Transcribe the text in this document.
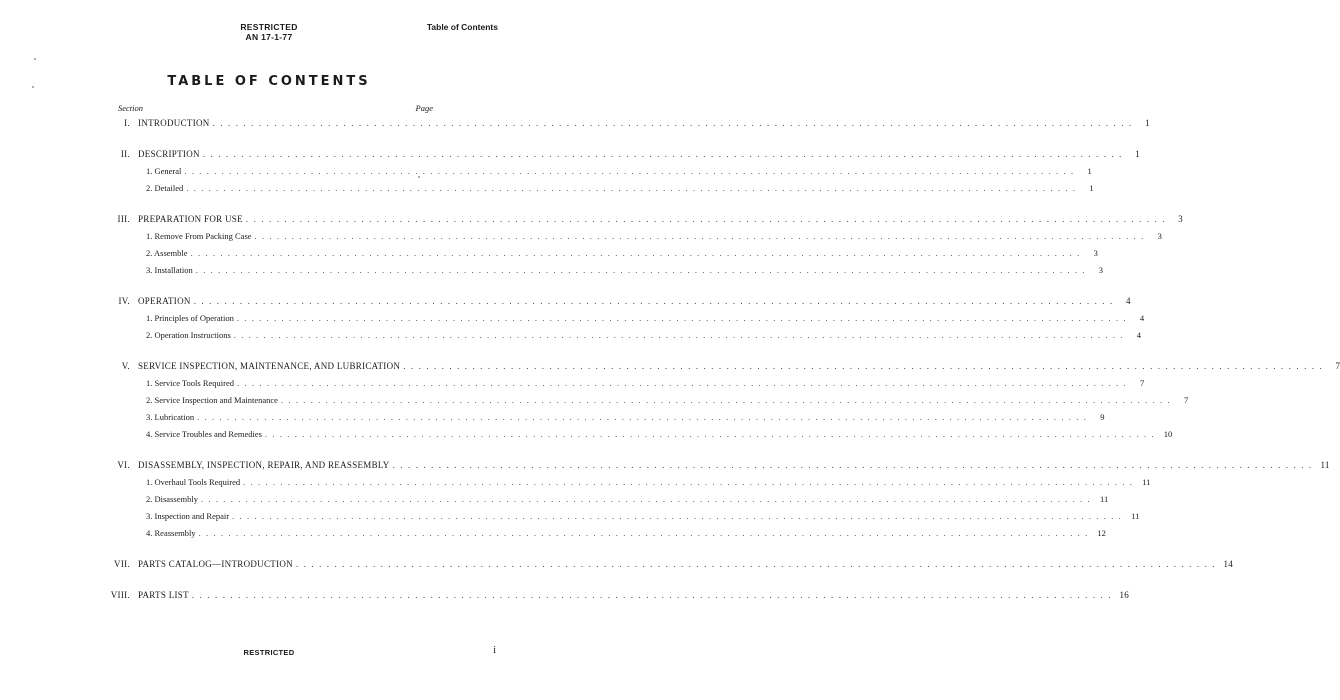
RESTRICTED
AN 17-1-77
Table of Contents
TABLE OF CONTENTS
Section	Page
I. INTRODUCTION . . . . . . . . . . . . . . . . . . . . . . . . . . . . . . . . . . . . . . . . . . . . . . . . . . . . . . . . . . . . . . . . . . . . . . . . . . . . . . . . . . . . . . . . . . . . . . . . . . . . . . . . . . . . . . . . . . . . . . . .	1
II. DESCRIPTION . . . . . . . . . . . . . . . . . . . . . . . . . . . . . . . . . . . . . . . . . . . . . . . . . . . . . . . . . . . . . . . . . . . . . . . . . . . . . . . . . . . . . . . . . . . . . . . . . . . . . . . . . . . . . . . . . . . . . . . .	1
1. General . . . . . . . . . . . . . . . . . . . . . . . . . . . . . . . . . . . . . . . . . . . . . . . . . . . . . . . . . . . . . . . . . . . . . . . . . . . . . . . . . . . . . . . . . . . . . . . . . . . . . . . . . . . . . . . . . . . . . . . .	1
2. Detailed . . . . . . . . . . . . . . . . . . . . . . . . . . . . . . . . . . . . . . . . . . . . . . . . . . . . . . . . . . . . . . . . . . . . . . . . . . . . . . . . . . . . . . . . . . . . . . . . . . . . . . . . . . . . . . . . . . . . . . . .	1
III. PREPARATION FOR USE . . . . . . . . . . . . . . . . . . . . . . . . . . . . . . . . . . . . . . . . . . . . . . . . . . . . . . . . . . . . . . . . . . . . . . . . . . . . . . . . . . . . . . . . . . . . . . . . . . . . . . . . . . . . . . . . . . . . . . . .	3
1. Remove From Packing Case . . . . . . . . . . . . . . . . . . . . . . . . . . . . . . . . . . . . . . . . . . . . . . . . . . . . . . . . . . . . . . . . . . . . . . . . . . . . . . . . . . . . . . . . . . . . . . . . . . . . . . . . . . . . . . . . . . . . . . . .	3
2. Assemble . . . . . . . . . . . . . . . . . . . . . . . . . . . . . . . . . . . . . . . . . . . . . . . . . . . . . . . . . . . . . . . . . . . . . . . . . . . . . . . . . . . . . . . . . . . . . . . . . . . . . . . . . . . . . . . . . . . . . . . .	3
3. Installation . . . . . . . . . . . . . . . . . . . . . . . . . . . . . . . . . . . . . . . . . . . . . . . . . . . . . . . . . . . . . . . . . . . . . . . . . . . . . . . . . . . . . . . . . . . . . . . . . . . . . . . . . . . . . . . . . . . . . . . .	3
IV. OPERATION . . . . . . . . . . . . . . . . . . . . . . . . . . . . . . . . . . . . . . . . . . . . . . . . . . . . . . . . . . . . . . . . . . . . . . . . . . . . . . . . . . . . . . . . . . . . . . . . . . . . . . . . . . . . . . . . . . . . . . . .	4
1. Principles of Operation . . . . . . . . . . . . . . . . . . . . . . . . . . . . . . . . . . . . . . . . . . . . . . . . . . . . . . . . . . . . . . . . . . . . . . . . . . . . . . . . . . . . . . . . . . . . . . . . . . . . . . . . . . . . . . . . . . . . . . . .	4
2. Operation Instructions . . . . . . . . . . . . . . . . . . . . . . . . . . . . . . . . . . . . . . . . . . . . . . . . . . . . . . . . . . . . . . . . . . . . . . . . . . . . . . . . . . . . . . . . . . . . . . . . . . . . . . . . . . . . . . . . . . . . . . . .	4
V. SERVICE INSPECTION, MAINTENANCE, AND LUBRICATION . . . . . . . . . . . . . . . . . . . . . . . . . . . . . . . . . . . . . . . . . . . . . . . . . . . . . . . . . . . . . . . . . . . . . . . . . . . . . . . . . . . . . . . . . . . . . . . . . . . . . . . . . . . . . . . . . . . . . . . .	7
1. Service Tools Required . . . . . . . . . . . . . . . . . . . . . . . . . . . . . . . . . . . . . . . . . . . . . . . . . . . . . . . . . . . . . . . . . . . . . . . . . . . . . . . . . . . . . . . . . . . . . . . . . . . . . . . . . . . . . . . . . . . . . . . .	7
2. Service Inspection and Maintenance . . . . . . . . . . . . . . . . . . . . . . . . . . . . . . . . . . . . . . . . . . . . . . . . . . . . . . . . . . . . . . . . . . . . . . . . . . . . . . . . . . . . . . . . . . . . . . . . . . . . . . . . . . . . . . . . . . . . . . . .	7
3. Lubrication . . . . . . . . . . . . . . . . . . . . . . . . . . . . . . . . . . . . . . . . . . . . . . . . . . . . . . . . . . . . . . . . . . . . . . . . . . . . . . . . . . . . . . . . . . . . . . . . . . . . . . . . . . . . . . . . . . . . . . . .	9
4. Service Troubles and Remedies . . . . . . . . . . . . . . . . . . . . . . . . . . . . . . . . . . . . . . . . . . . . . . . . . . . . . . . . . . . . . . . . . . . . . . . . . . . . . . . . . . . . . . . . . . . . . . . . . . . . . . . . . . . . . . . . . . . . . . . .	10
VI. DISASSEMBLY, INSPECTION, REPAIR, AND REASSEMBLY . . . . . . . . . . . . . . . . . . . . . . . . . . . . . . . . . . . . . . . . . . . . . . . . . . . . . . . . . . . . . . . . . . . . . . . . . . . . . . . . . . . . . . . . . . . . . . . . . . . . . . . . . . . . . . . . . . . . . . . . 11
1. Overhaul Tools Required . . . . . . . . . . . . . . . . . . . . . . . . . . . . . . . . . . . . . . . . . . . . . . . . . . . . . . . . . . . . . . . . . . . . . . . . . . . . . . . . . . . . . . . . . . . . . . . . . . . . . . . . . . . . . . . . . . . . . . . .	11
2. Disassembly . . . . . . . . . . . . . . . . . . . . . . . . . . . . . . . . . . . . . . . . . . . . . . . . . . . . . . . . . . . . . . . . . . . . . . . . . . . . . . . . . . . . . . . . . . . . . . . . . . . . . . . . . . . . . . . . . . . . . . . .	11
3. Inspection and Repair . . . . . . . . . . . . . . . . . . . . . . . . . . . . . . . . . . . . . . . . . . . . . . . . . . . . . . . . . . . . . . . . . . . . . . . . . . . . . . . . . . . . . . . . . . . . . . . . . . . . . . . . . . . . . . . . . . . . . . . .	11
4. Reassembly . . . . . . . . . . . . . . . . . . . . . . . . . . . . . . . . . . . . . . . . . . . . . . . . . . . . . . . . . . . . . . . . . . . . . . . . . . . . . . . . . . . . . . . . . . . . . . . . . . . . . . . . . . . . . . . . . . . . . . . .	12
VII. PARTS CATALOG—INTRODUCTION . . . . . . . . . . . . . . . . . . . . . . . . . . . . . . . . . . . . . . . . . . . . . . . . . . . . . . . . . . . . . . . . . . . . . . . . . . . . . . . . . . . . . . . . . . . . . . . . . . . . . . . . . . . . . . . . . . . . . . . . 14
VIII. PARTS LIST . . . . . . . . . . . . . . . . . . . . . . . . . . . . . . . . . . . . . . . . . . . . . . . . . . . . . . . . . . . . . . . . . . . . . . . . . . . . . . . . . . . . . . . . . . . . . . . . . . . . . . . . . . . . . . . . . . . . . . . . 16
RESTRICTED	i
